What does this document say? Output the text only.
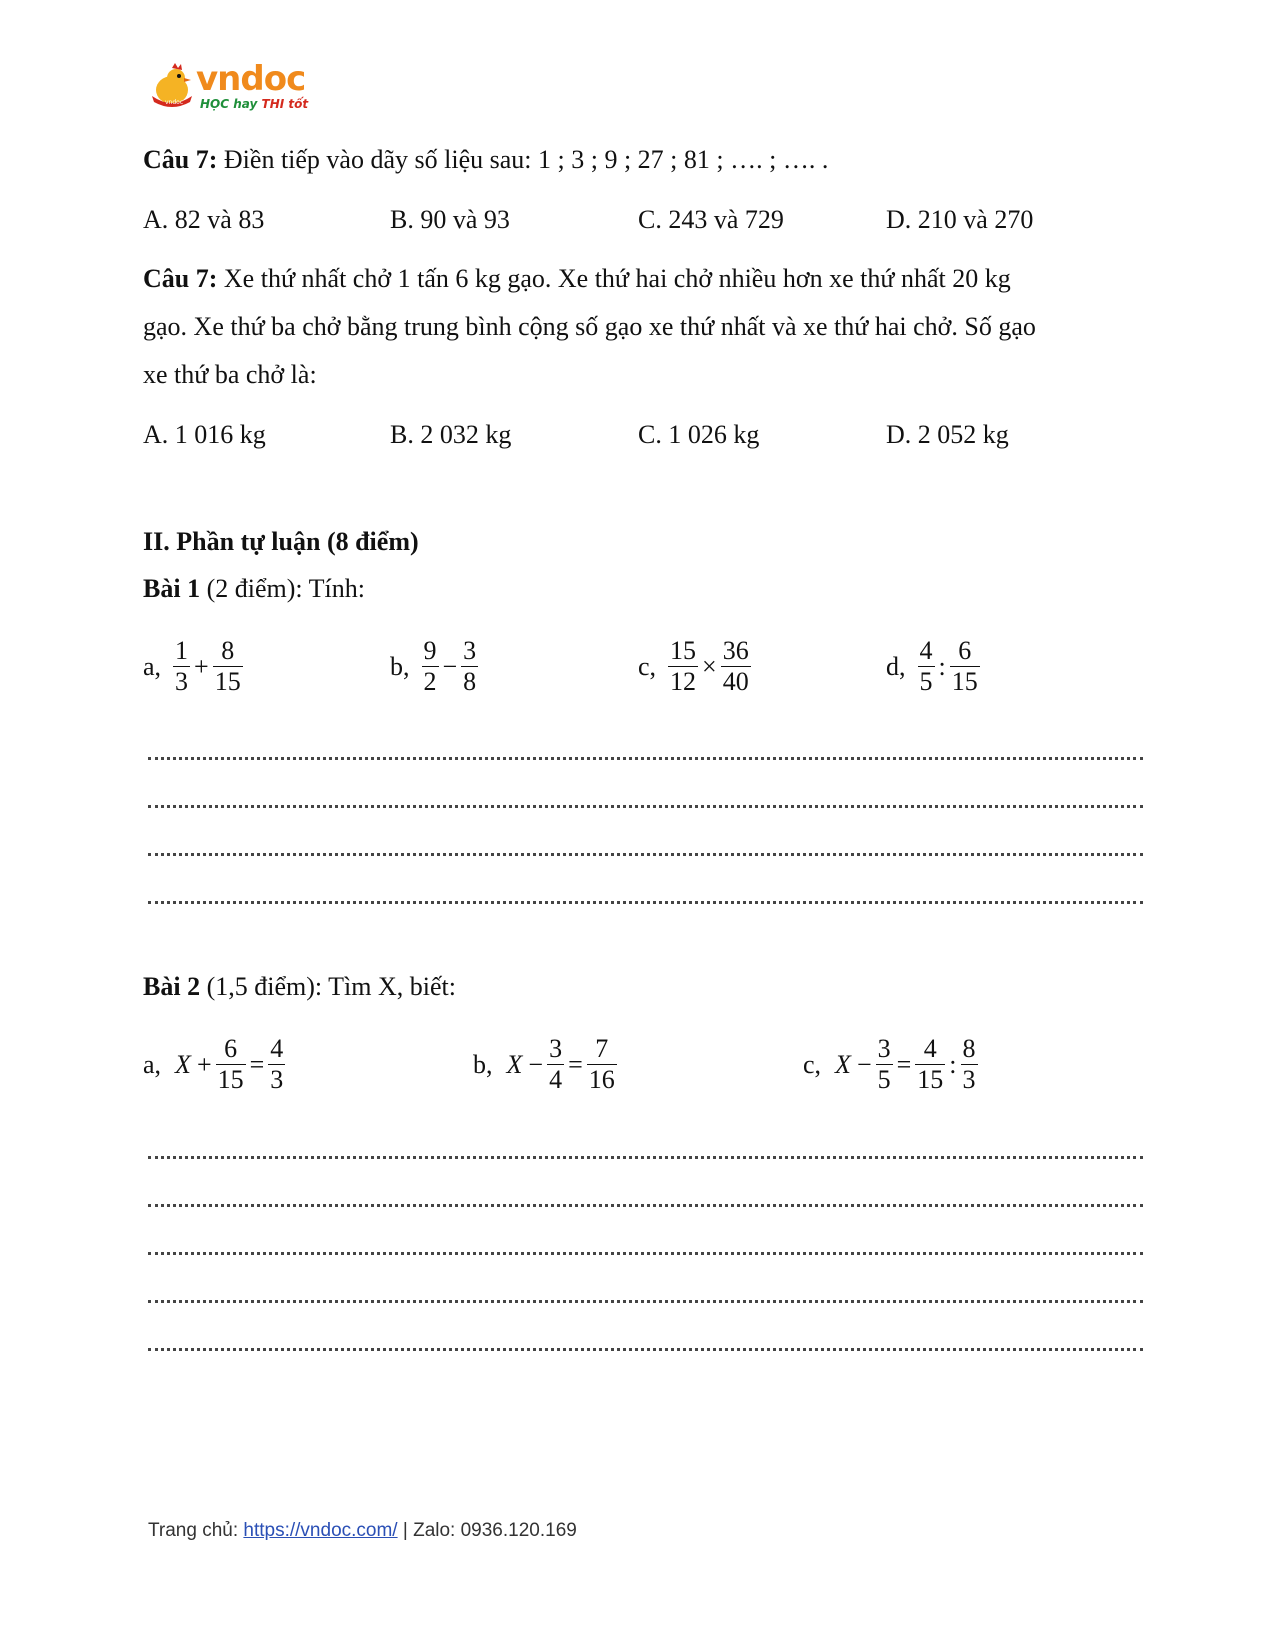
vndoc
vndoc
HỌC hay THI tốt
Câu 7: Điền tiếp vào dãy số liệu sau: 1 ; 3 ; 9 ; 27 ; 81 ; …. ; …. .
A. 82 và 83	B. 90 và 93	C. 243 và 729	D. 210 và 270
Câu 7: Xe thứ nhất chở 1 tấn 6 kg gạo. Xe thứ hai chở nhiều hơn xe thứ nhất 20 kg
gạo. Xe thứ ba chở bằng trung bình cộng số gạo xe thứ nhất và xe thứ hai chở. Số gạo
xe thứ ba chở là:
A. 1 016 kg	B. 2 032 kg	C. 1 026 kg	D. 2 052 kg
II. Phần tự luận (8 điểm)
Bài 1 (2 điểm): Tính:
a, $\frac{1}{3} + \frac{8}{15}$	b, $\frac{9}{2} - \frac{3}{8}$	c, $\frac{15}{12} \times \frac{36}{40}$	d, $\frac{4}{5}$ : $\frac{6}{15}$
Bài 2 (1,5 điểm): Tìm X, biết:
a, $X + \frac{6}{15} = \frac{4}{3}$	b, $X - \frac{3}{4} = \frac{7}{16}$	c, $X - \frac{3}{5} = \frac{4}{15}$ : $\frac{8}{3}$
Trang chủ: https://vndoc.com/ | Zalo: 0936.120.169
